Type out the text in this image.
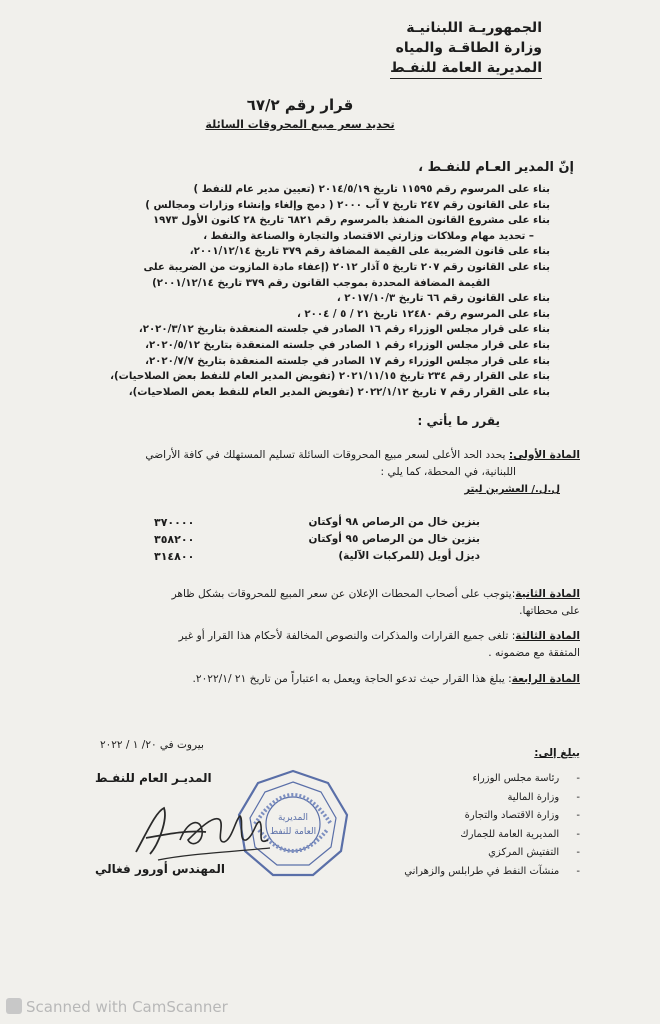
الجمهوريـة اللبنانيـة
وزارة الطاقـة والمياه
المديرية العامة للنفـط
قرار رقم ٦٧/٢
تحديد سعر مبيع المحروقات السائلة
إنّ المدير العـام للنفـط ،
بناء على المرسوم رقم ١١٥٩٥ تاريخ ٢٠١٤/٥/١٩ (تعيين مدير عام للنفط )
بناء على القانون رقم ٢٤٧ تاريخ ٧ آب ٢٠٠٠ ( دمج وإلغاء وإنشاء وزارات ومجالس )
بناء على مشروع القانون المنفذ بالمرسوم رقم ٦٨٢١ تاريخ ٢٨ كانون الأول ١٩٧٣
– تحديد مهام وملاكات وزارتي الاقتصاد والتجارة والصناعة والنفط ،
بناء على قانون الضريبة على القيمة المضافة رقم ٣٧٩ تاريخ ٢٠٠١/١٢/١٤،
بناء على القانون رقم ٢٠٧ تاريخ ٥ آذار ٢٠١٢ (إعفاء مادة المازوت من الضريبة على
القيمة المضافة المحددة بموجب القانون رقم ٣٧٩ تاريخ ٢٠٠١/١٢/١٤)
بناء على القانون رقم ٦٦ تاريخ ٢٠١٧/١٠/٣ ،
بناء على المرسوم رقم ١٢٤٨٠ تاريخ ٢١ / ٥ / ٢٠٠٤ ،
بناء على قرار مجلس الوزراء رقم ١٦ الصادر في جلسته المنعقدة بتاريخ ٢٠٢٠/٣/١٢،
بناء على قرار مجلس الوزراء رقم ١ الصادر في جلسته المنعقدة بتاريخ ٢٠٢٠/٥/١٢،
بناء على قرار مجلس الوزراء رقم ١٧ الصادر في جلسته المنعقدة بتاريخ ٢٠٢٠/٧/٧،
بناء على القرار رقم ٢٣٤ تاريخ ٢٠٢١/١١/١٥ (تفويض المدير العام للنفط بعض الصلاحيات)،
بناء على القرار رقم ٧ تاريخ ٢٠٢٢/١/١٢ (تفويض المدير العام للنفط بعض الصلاحيات)،
يقرر ما يأتي :
المادة الأولى: يحدد الحد الأعلى لسعر مبيع المحروقات السائلة تسليم المستهلك في كافة الأراضي
اللبنانية، في المحطة، كما يلي :
ل.ل./ العشرين ليتر
بنزين خال من الرصاص ٩٨ أوكتان
٣٧٠٠٠٠
بنزين خال من الرصاص ٩٥ أوكتان
٣٥٨٢٠٠
ديزل أويل (للمركبات الآلية)
٣١٤٨٠٠
المادة الثانية:يتوجب على أصحاب المحطات الإعلان عن سعر المبيع للمحروقات بشكل ظاهر
على محطاتها.
المادة الثالثة: تلغى جميع القرارات والمذكرات والنصوص المخالفة لأحكام هذا القرار أو غير
المتفقة مع مضمونه .
المادة الرابعة: يبلغ هذا القرار حيث تدعو الحاجة ويعمل به اعتباراً من تاريخ ٢١ /٢٠٢٢/١.
بيروت في ٢٠/ ١ / ٢٠٢٢
يبلغ إلى:
- رئاسة مجلس الوزراء
- وزارة المالية
- وزارة الاقتصاد والتجارة
- المديرية العامة للجمارك
- التفتيش المركزي
- منشآت النفط في طرابلس والزهراني
المديـر العام للنفـط
المهندس أورور فغالي
المديرية
العامة للنفط
Scanned with CamScanner
